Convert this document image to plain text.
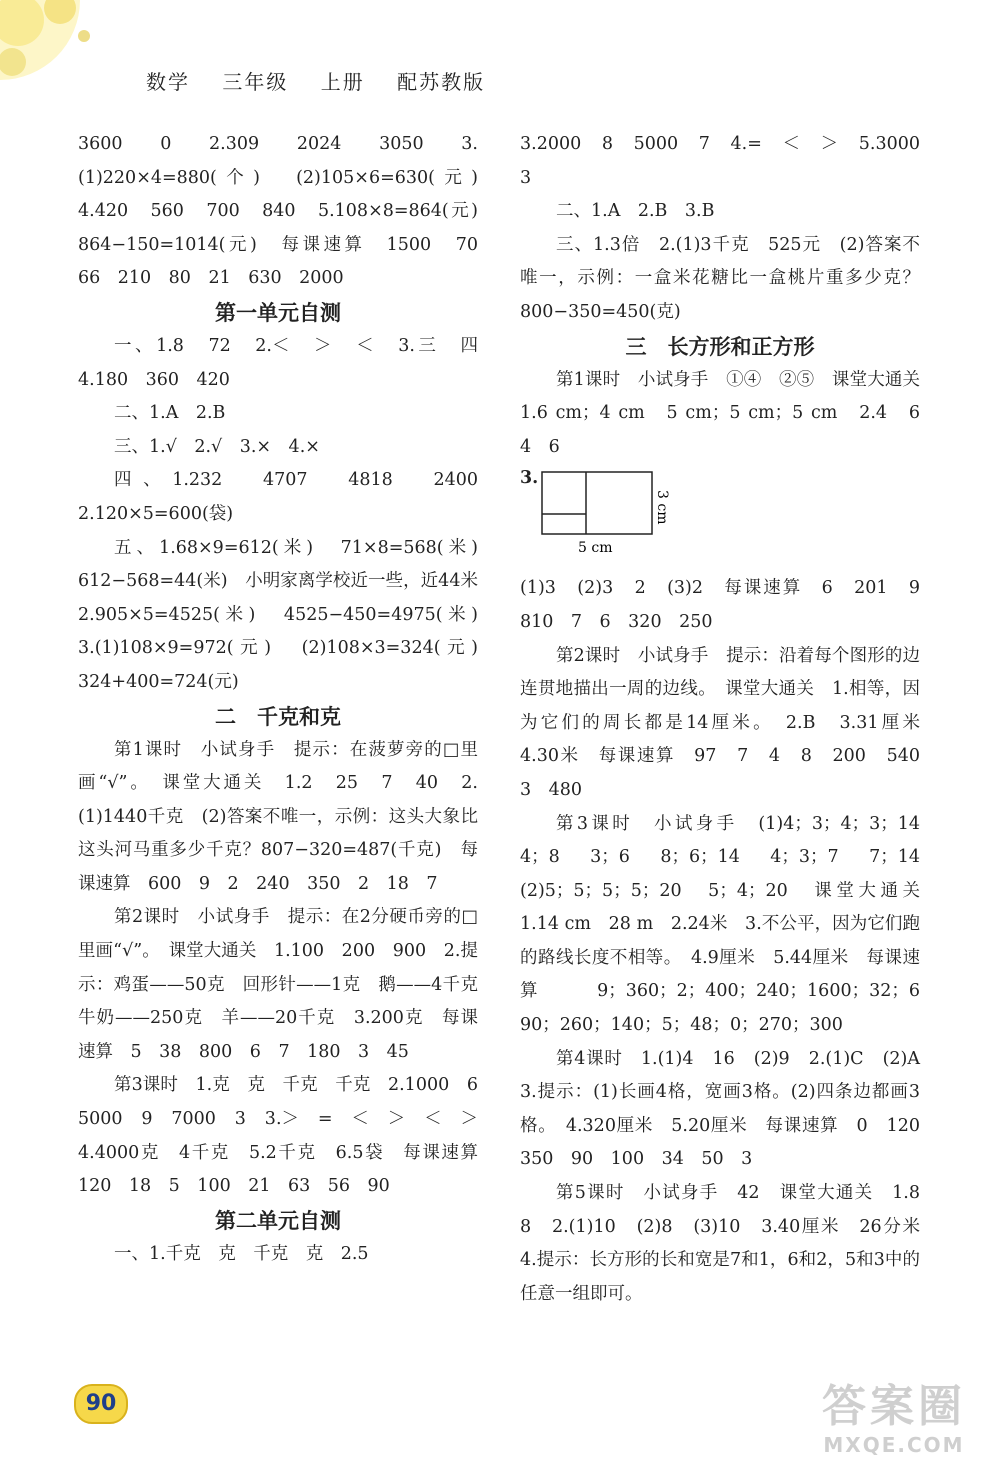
数学 三年级 上册 配苏教版

3600　0　2.309　2024　3050　3.(1)220×4=880(个)　(2)105×6=630(元)　4.420　560　700　840　5.108×8=864(元)　864−150=1014(元)　每课速算　1500　70　66　210　80　21　630　2000

第一单元自测

一、1.8　72　2.＜　＞　＜　3.三　四　4.180　360　420

二、1.A　2.B

三、1.√　2.√　3.×　4.×

四、1.232　4707　4818　2400　2.120×5=600(袋)

五、1.68×9=612(米)　71×8=568(米)　612−568=44(米)　小明家离学校近一些，近44米　2.905×5=4525(米)　4525−450=4975(米)　3.(1)108×9=972(元)　(2)108×3=324(元)　324+400=724(元)

二　千克和克

第1课时　小试身手　提示：在菠萝旁的□里画“√”。　课堂大通关　1.2　25　7　40　2.(1)1440千克　(2)答案不唯一，示例：这头大象比这头河马重多少千克？807−320=487(千克)　每课速算　600　9　2　240　350　2　18　7

第2课时　小试身手　提示：在2分硬币旁的□里画“√”。　课堂大通关　1.100　200　900　2.提示：鸡蛋——50克　回形针——1克　鹅——4千克　牛奶——250克　羊——20千克　3.200克　每课速算　5　38　800　6　7　180　3　45

第3课时　1.克　克　千克　千克　2.1000　6　5000　9　7000　3　3.＞　=　＜　＞　＜　＞　4.4000克　4千克　5.2千克　6.5袋　每课速算　120　18　5　100　21　63　56　90

第二单元自测

一、1.千克　克　千克　克　2.5

3.2000　8　5000　7　4.=　＜　＞　5.3000　3

二、1.A　2.B　3.B

三、1.3倍　2.(1)3千克　525元　(2)答案不唯一，示例：一盒米花糖比一盒桃片重多少克？800−350=450(克)

三　长方形和正方形

第1课时　小试身手　①④　②⑤　课堂大通关　1.6 cm；4 cm　5 cm；5 cm；5 cm　2.4　6　4　6

3.
5 cm
3 cm

(1)3　(2)3　2　(3)2　每课速算　6　201　9　810　7　6　320　250

第2课时　小试身手　提示：沿着每个图形的边连贯地描出一周的边线。　课堂大通关　1.相等，因为它们的周长都是14厘米。　2.B　3.31厘米　4.30米　每课速算　97　7　4　8　200　540　3　480

第3课时　小试身手　(1)4；3；4；3；14　4；8　3；6　8；6；14　4；3；7　7；14　(2)5；5；5；5；20　5；4；20　课堂大通关　1.14 cm　28 m　2.24米　3.不公平，因为它们跑的路线长度不相等。　4.9厘米　5.44厘米　每课速算　9；360；2；400；240；1600；32；6　90；260；140；5；48；0；270；300

第4课时　1.(1)4　16　(2)9　2.(1)C　(2)A　3.提示：(1)长画4格，宽画3格。(2)四条边都画3格。　4.320厘米　5.20厘米　每课速算　0　120　350　90　100　34　50　3

第5课时　小试身手　42　课堂大通关　1.8　8　2.(1)10　(2)8　(3)10　3.40厘米　26分米　4.提示：长方形的长和宽是7和1，6和2，5和3中的任意一组即可。

90	答案圈
MXQE.COM
